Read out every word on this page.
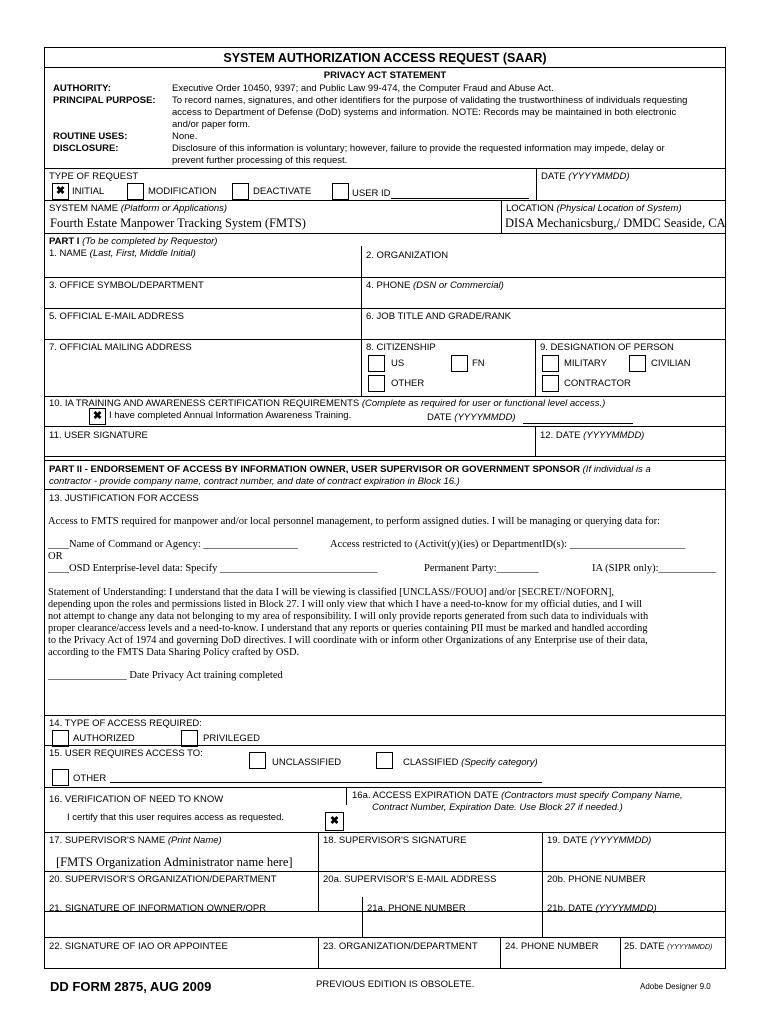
SYSTEM AUTHORIZATION ACCESS REQUEST (SAAR)
PRIVACY ACT STATEMENT
AUTHORITY:	Executive Order 10450, 9397; and Public Law 99-474, the Computer Fraud and Abuse Act.
PRINCIPAL PURPOSE: To record names, signatures, and other identifiers for the purpose of validating the trustworthiness of individuals requesting
access to Department of Defense (DoD) systems and information. NOTE: Records may be maintained in both electronic
and/or paper form.
ROUTINE USES:	None.
DISCLOSURE:	Disclosure of this information is voluntary; however, failure to provide the requested information may impede, delay or
prevent further processing of this request.
TYPE OF REQUEST
✖ INITIAL	MODIFICATION	DEACTIVATE	USER ID
DATE (YYYYMMDD)
SYSTEM NAME (Platform or Applications)
Fourth Estate Manpower Tracking System (FMTS)
LOCATION (Physical Location of System)
DISA Mechanicsburg,/ DMDC Seaside, CA
PART I (To be completed by Requestor)
1. NAME (Last, First, Middle Initial)	2. ORGANIZATION
3. OFFICE SYMBOL/DEPARTMENT	4. PHONE (DSN or Commercial)
5. OFFICIAL E-MAIL ADDRESS	6. JOB TITLE AND GRADE/RANK
7. OFFICIAL MAILING ADDRESS	8. CITIZENSHIP
US	FN
OTHER
9. DESIGNATION OF PERSON
MILITARY	CIVILIAN
CONTRACTOR
10. IA TRAINING AND AWARENESS CERTIFICATION REQUIREMENTS (Complete as required for user or functional level access.)
✖ I have completed Annual Information Awareness Training.	DATE (YYYYMMDD)
11. USER SIGNATURE	12. DATE (YYYYMMDD)
PART II - ENDORSEMENT OF ACCESS BY INFORMATION OWNER, USER SUPERVISOR OR GOVERNMENT SPONSOR (If individual is a
contractor - provide company name, contract number, and date of contract expiration in Block 16.)
13. JUSTIFICATION FOR ACCESS
Access to FMTS required for manpower and/or local personnel management, to perform assigned duties. I will be managing or querying data for:
____Name of Command or Agency: __________________	Access restricted to (Activit(y)(ies) or DepartmentID(s): ______________________
OR
____OSD Enterprise-level data: Specify ______________________________	Permanent Party:________	IA (SIPR only):___________
Statement of Understanding: I understand that the data I will be viewing is classified [UNCLASS//FOUO] and/or [SECRET//NOFORN],
depending upon the roles and permissions listed in Block 27. I will only view that which I have a need-to-know for my official duties, and I will
not attempt to change any data not belonging to my area of responsibility. I will only provide reports generated from such data to individuals with
proper clearance/access levels and a need-to-know. I understand that any reports or queries containing PII must be marked and handled according
to the Privacy Act of 1974 and governing DoD directives. I will coordinate with or inform other Organizations of any Enterprise use of their data,
according to the FMTS Data Sharing Policy crafted by OSD.
_______________ Date Privacy Act training completed
14. TYPE OF ACCESS REQUIRED:
AUTHORIZED	PRIVILEGED
15. USER REQUIRES ACCESS TO:
UNCLASSIFIED	CLASSIFIED (Specify category)
OTHER
16. VERIFICATION OF NEED TO KNOW
I certify that this user requires access as requested.	✖
16a. ACCESS EXPIRATION DATE (Contractors must specify Company Name,
Contract Number, Expiration Date. Use Block 27 if needed.)
17. SUPERVISOR'S NAME (Print Name)
[FMTS Organization Administrator name here]
18. SUPERVISOR'S SIGNATURE	19. DATE (YYYYMMDD)
20. SUPERVISOR'S ORGANIZATION/DEPARTMENT	20a. SUPERVISOR'S E-MAIL ADDRESS	20b. PHONE NUMBER
21. SIGNATURE OF INFORMATION OWNER/OPR	21a. PHONE NUMBER	21b. DATE (YYYYMMDD)
22. SIGNATURE OF IAO OR APPOINTEE	23. ORGANIZATION/DEPARTMENT	24. PHONE NUMBER	25. DATE (YYYYMMDD)
DD FORM 2875, AUG 2009	PREVIOUS EDITION IS OBSOLETE.	Adobe Designer 9.0
